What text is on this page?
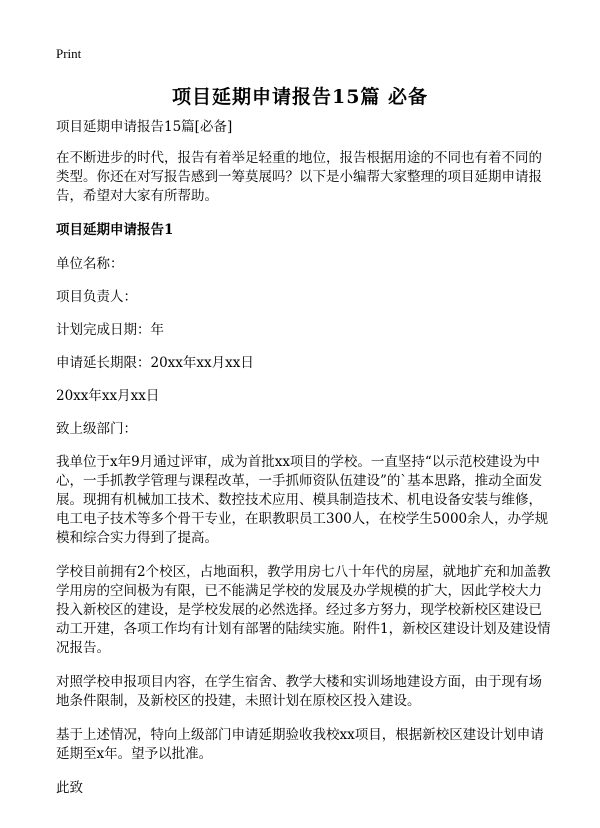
Print
项目延期申请报告15篇 必备

项目延期申请报告15篇[必备]

在不断进步的时代，报告有着举足轻重的地位，报告根据用途的不同也有着不同的类型。你还在对写报告感到一筹莫展吗？以下是小编帮大家整理的项目延期申请报告，希望对大家有所帮助。

项目延期申请报告1

单位名称：

项目负责人：

计划完成日期：年

申请延长期限：20xx年xx月xx日

20xx年xx月xx日

致上级部门：

我单位于x年9月通过评审，成为首批xx项目的学校。一直坚持“以示范校建设为中心，一手抓教学管理与课程改革，一手抓师资队伍建设”的`基本思路，推动全面发展。现拥有机械加工技术、数控技术应用、模具制造技术、机电设备安装与维修，电工电子技术等多个骨干专业，在职教职员工300人，在校学生5000余人，办学规模和综合实力得到了提高。

学校目前拥有2个校区，占地面积，教学用房七八十年代的房屋，就地扩充和加盖教学用房的空间极为有限，已不能满足学校的发展及办学规模的扩大，因此学校大力投入新校区的建设，是学校发展的必然选择。经过多方努力，现学校新校区建设已动工开建，各项工作均有计划有部署的陆续实施。附件1，新校区建设计划及建设情况报告。

对照学校申报项目内容，在学生宿舍、教学大楼和实训场地建设方面，由于现有场地条件限制，及新校区的投建，未照计划在原校区投入建设。

基于上述情况，特向上级部门申请延期验收我校xx项目，根据新校区建设计划申请延期至x年。望予以批准。

此致
